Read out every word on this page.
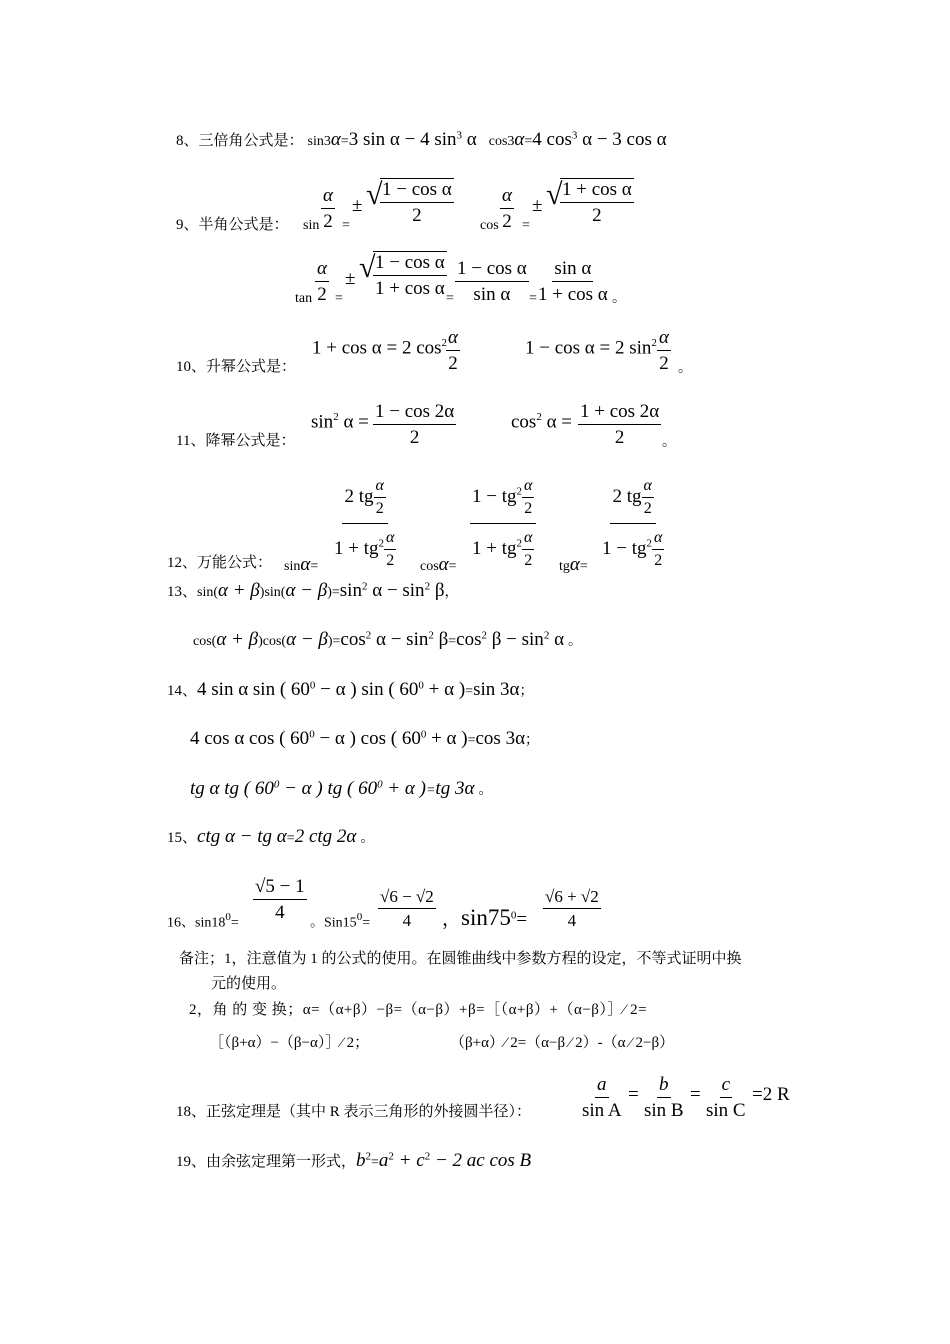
8、三倍角公式是： sin3α=3 sin α − 4 $\sin^3 \alpha$ cos3α=4 $\cos^3 \alpha - 3$ cos α
9、半角公式是： $\sin \frac{\alpha}{2}$ =
± √
$\frac{\text{1 − cos α}}{2}$
$\cos \frac{\alpha}{2}$ =
± √
$\frac{\text{1 + cos α}}{2}$
$\tan \frac{\alpha}{2}$ =
± √
$\frac{\text{1 − cos α}}{\text{1 + cos α}}$
= $\frac{\text{1 − cos α}}{\text{sin α}} = \frac{\text{sin α}}{\text{1 + cos α}}$ 。
10、升幂公式是：
1 + cos α = 2 $\cos^2$
$\frac{\alpha}{2}$	1 − cos α = 2 $\sin^2 \frac{\alpha}{2}$ 。
11、降幂公式是：
$\sin^2 \alpha = \frac{1 - \cos 2\alpha}{2}$	$\cos^2 \alpha = \frac{1 + \cos 2\alpha}{2}$ 。
12、万能公式： sinα=
2 tg $\frac{\alpha}{2}$
$1 + tg^2 \frac{\alpha}{2} \cos\alpha= \frac{1 - tg^2 \frac{\alpha}{2}}{1 + tg^2 \frac{\alpha}{2}} tg\alpha=$
2 tg $\frac{\alpha}{2}$
$1 - tg^2 \frac{\alpha}{2}$
13、$\sin(\alpha + \beta)\sin(\alpha - \beta)=\sin^2$ $\alpha - \sin^2 \beta$，
$\cos(\alpha + \beta)\cos(\alpha - \beta)=\cos^2$ $\alpha - \sin^2 \beta=\cos^2$ $\beta - \sin^2 \alpha$ 。
14、4 sin α sin ( $60^0 - \alpha$ ) sin ( $60^0 + \alpha$ )=sin 3α；
4 cos α cos ( $60^0 - \alpha$ ) cos ( $60^0 + \alpha$ )=cos 3α；
tg α tg ( $60^0 - \alpha$ ) tg ( $60^0 + \alpha$ )=tg 3α 。
15、ctg α − tg α=2 ctg 2α 。
16、$\sin 18^0=$
$\frac{√5 - 1}{4}$
。$Sin15^0= \frac{√6 - √2}{4}$ ，$\sin 75^0= \frac{√6 + √2}{4}$
备注；1，注意值为 1 的公式的使用。在圆锥曲线中参数方程的设定，不等式证明中换
元的使用。
2，角 的 变 换；α=（α+β）−β=（α−β）+β=［（α+β）+（α−β）］⁄ 2=
［（β+α）−（β−α）］⁄ 2；	（β+α）⁄ 2=（α−β ⁄ 2）-（α ⁄ 2−β）
18、正弦定理是（其中 R 表示三角形的外接圆半径）：	$\frac{a}{\text{sin A}} = \frac{b}{\text{sin B}} = \frac{c}{\text{sin C}} =2$ R
19、由余弦定理第一形式，$b^2=a^2 + c^2 - 2$ ac cos B
